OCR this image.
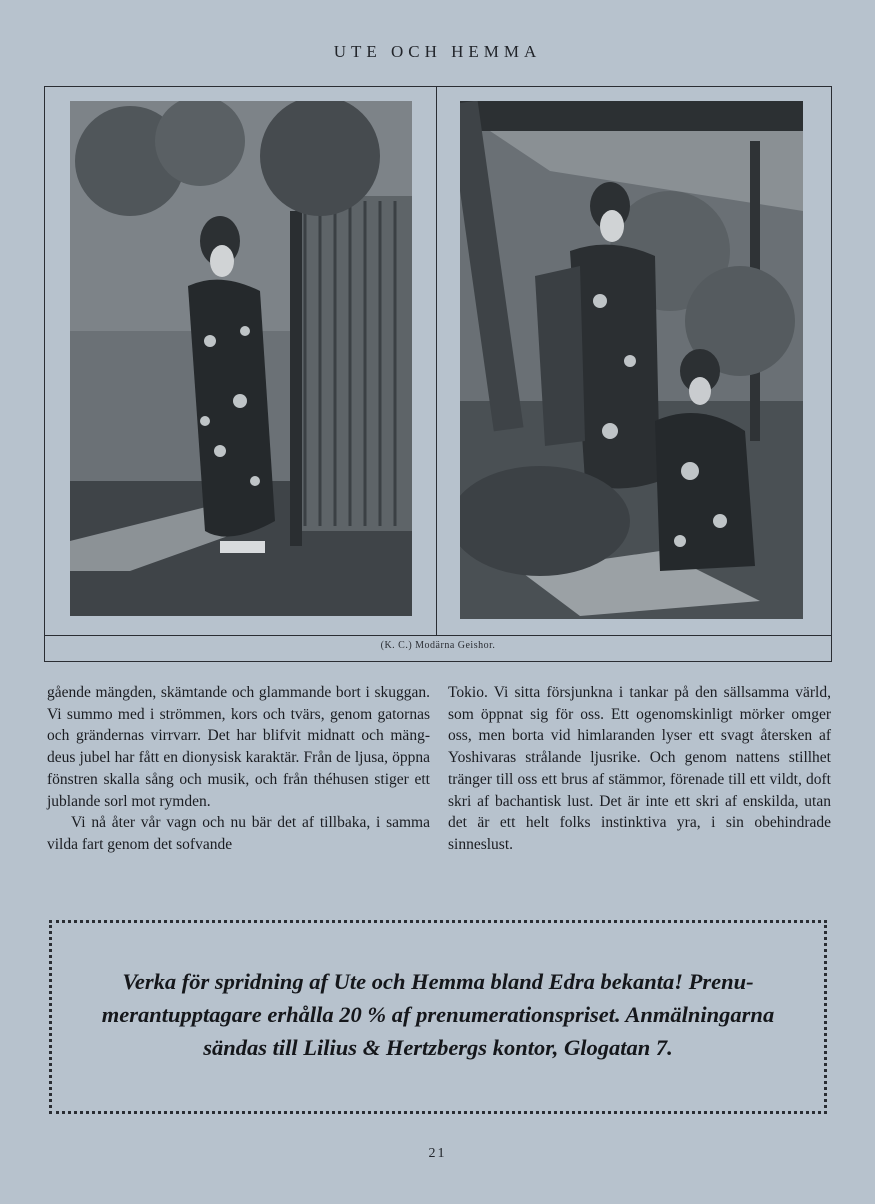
UTE OCH HEMMA
(K. C.) Modärna Geishor.

gående mängden, skämtande och glammande bort i skuggan. Vi summo med i strömmen, kors och tvärs, genom gatornas och grändernas virrvarr. Det har blifvit midnatt och mängdeus jubel har fått en dionysisk karaktär. Från de ljusa, öppna fönstren skalla sång och musik, och från théhusen stiger ett jublande sorl mot rymden.

Vi nå åter vår vagn och nu bär det af tillbaka, i samma vilda fart genom det sofvande

Tokio. Vi sitta försjunkna i tankar på den sällsamma värld, som öppnat sig för oss. Ett ogenomskinligt mörker omger oss, men borta vid himlaranden lyser ett svagt återsken af Yoshivaras strålande ljusrike. Och genom nattens stillhet tränger till oss ett brus af stämmor, förenade till ett vildt, doft skri af bachantisk lust. Det är inte ett skri af enskilda, utan det är ett helt folks instinktiva yra, i sin obehindrade sinneslust.

Verka för spridning af Ute och Hemma bland Edra bekanta! Prenumerantupptagare erhålla 20 % af prenumerationspriset. Anmälningarna sändas till Lilius & Hertzbergs kontor, Glogatan 7.
21
